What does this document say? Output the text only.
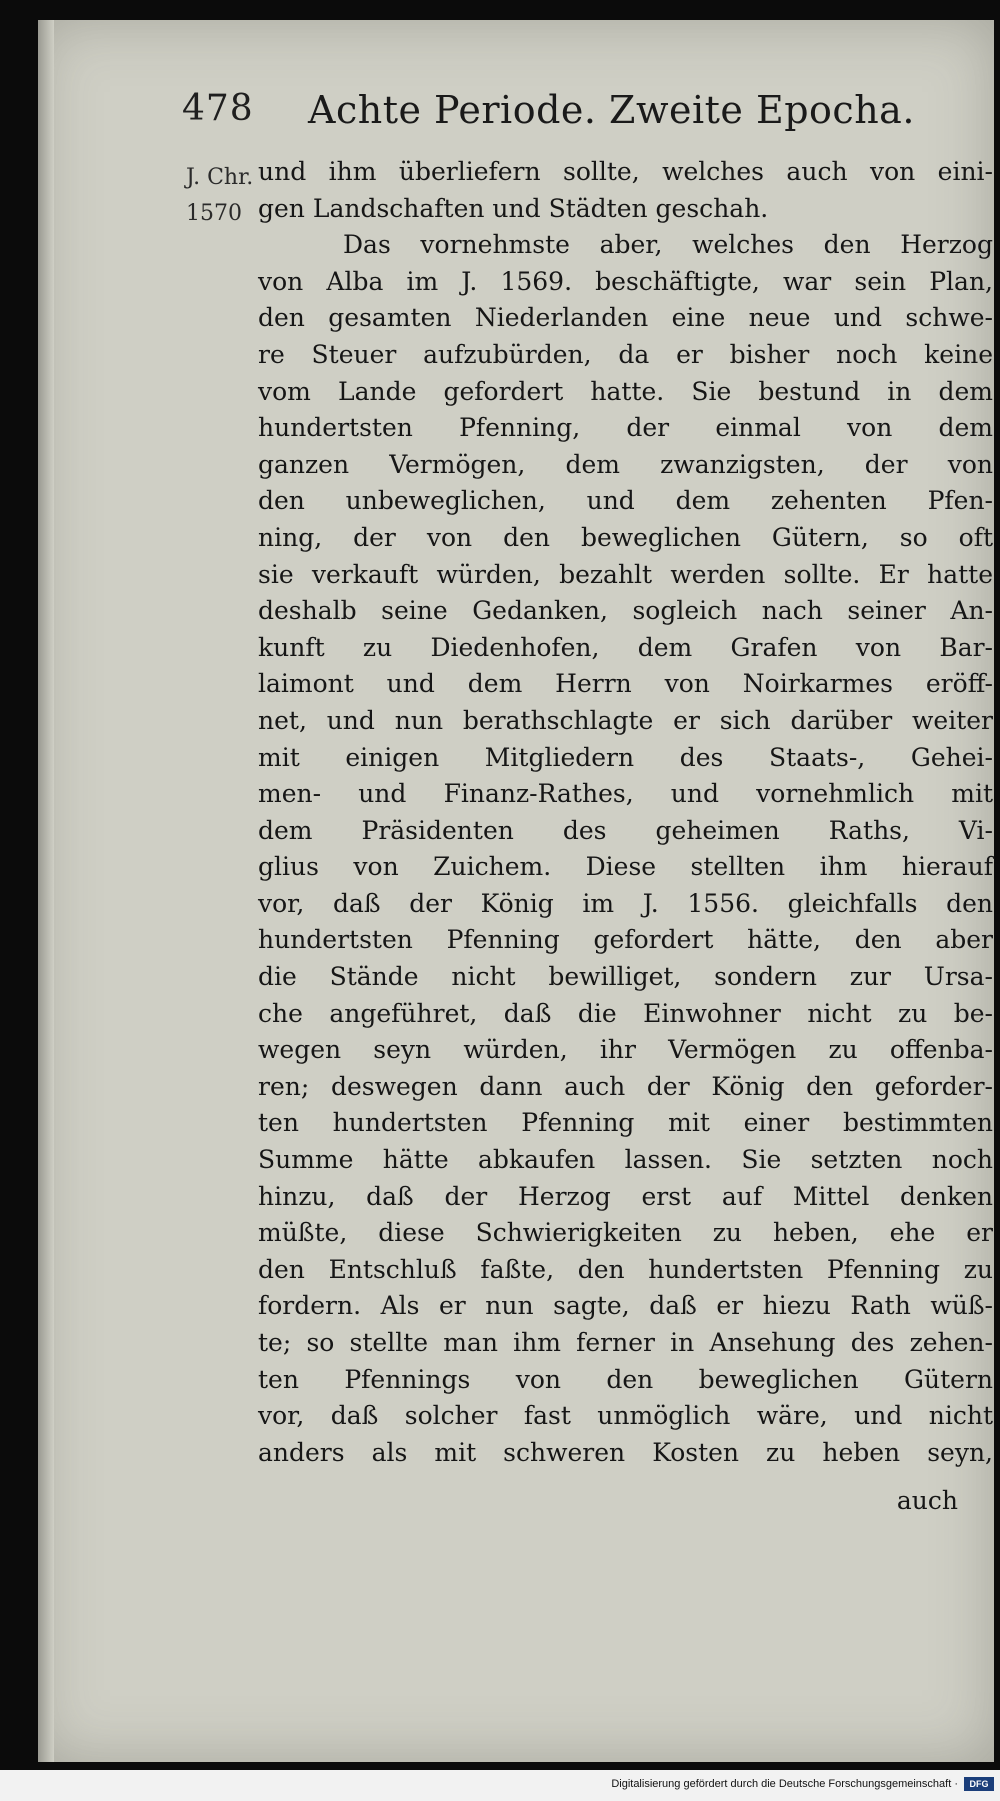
478 Achte Periode. Zweite Epocha.
J. Chr.
1570
und ihm überliefern sollte, welches auch von eini-
gen Landschaften und Städten geschah.
Das vornehmste aber, welches den Herzog
von Alba im J. 1569. beschäftigte, war sein Plan,
den gesamten Niederlanden eine neue und schwe-
re Steuer aufzubürden, da er bisher noch keine
vom Lande gefordert hatte. Sie bestund in dem
hundertsten Pfenning, der einmal von dem
ganzen Vermögen, dem zwanzigsten, der von
den unbeweglichen, und dem zehenten Pfen-
ning, der von den beweglichen Gütern, so oft
sie verkauft würden, bezahlt werden sollte. Er hatte
deshalb seine Gedanken, sogleich nach seiner An-
kunft zu Diedenhofen, dem Grafen von Bar-
laimont und dem Herrn von Noirkarmes eröff-
net, und nun berathschlagte er sich darüber weiter
mit einigen Mitgliedern des Staats-, Gehei-
men- und Finanz-Rathes, und vornehmlich mit
dem Präsidenten des geheimen Raths, Vi-
glius von Zuichem. Diese stellten ihm hierauf
vor, daß der König im J. 1556. gleichfalls den
hundertsten Pfenning gefordert hätte, den aber
die Stände nicht bewilliget, sondern zur Ursa-
che angeführet, daß die Einwohner nicht zu be-
wegen seyn würden, ihr Vermögen zu offenba-
ren; deswegen dann auch der König den geforder-
ten hundertsten Pfenning mit einer bestimmten
Summe hätte abkaufen lassen. Sie setzten noch
hinzu, daß der Herzog erst auf Mittel denken
müßte, diese Schwierigkeiten zu heben, ehe er
den Entschluß faßte, den hundertsten Pfenning zu
fordern. Als er nun sagte, daß er hiezu Rath wüß-
te; so stellte man ihm ferner in Ansehung des zehen-
ten Pfennings von den beweglichen Gütern
vor, daß solcher fast unmöglich wäre, und nicht
anders als mit schweren Kosten zu heben seyn,
auch
Digitalisierung gefördert durch die Deutsche Forschungsgemeinschaft ·	DFG
